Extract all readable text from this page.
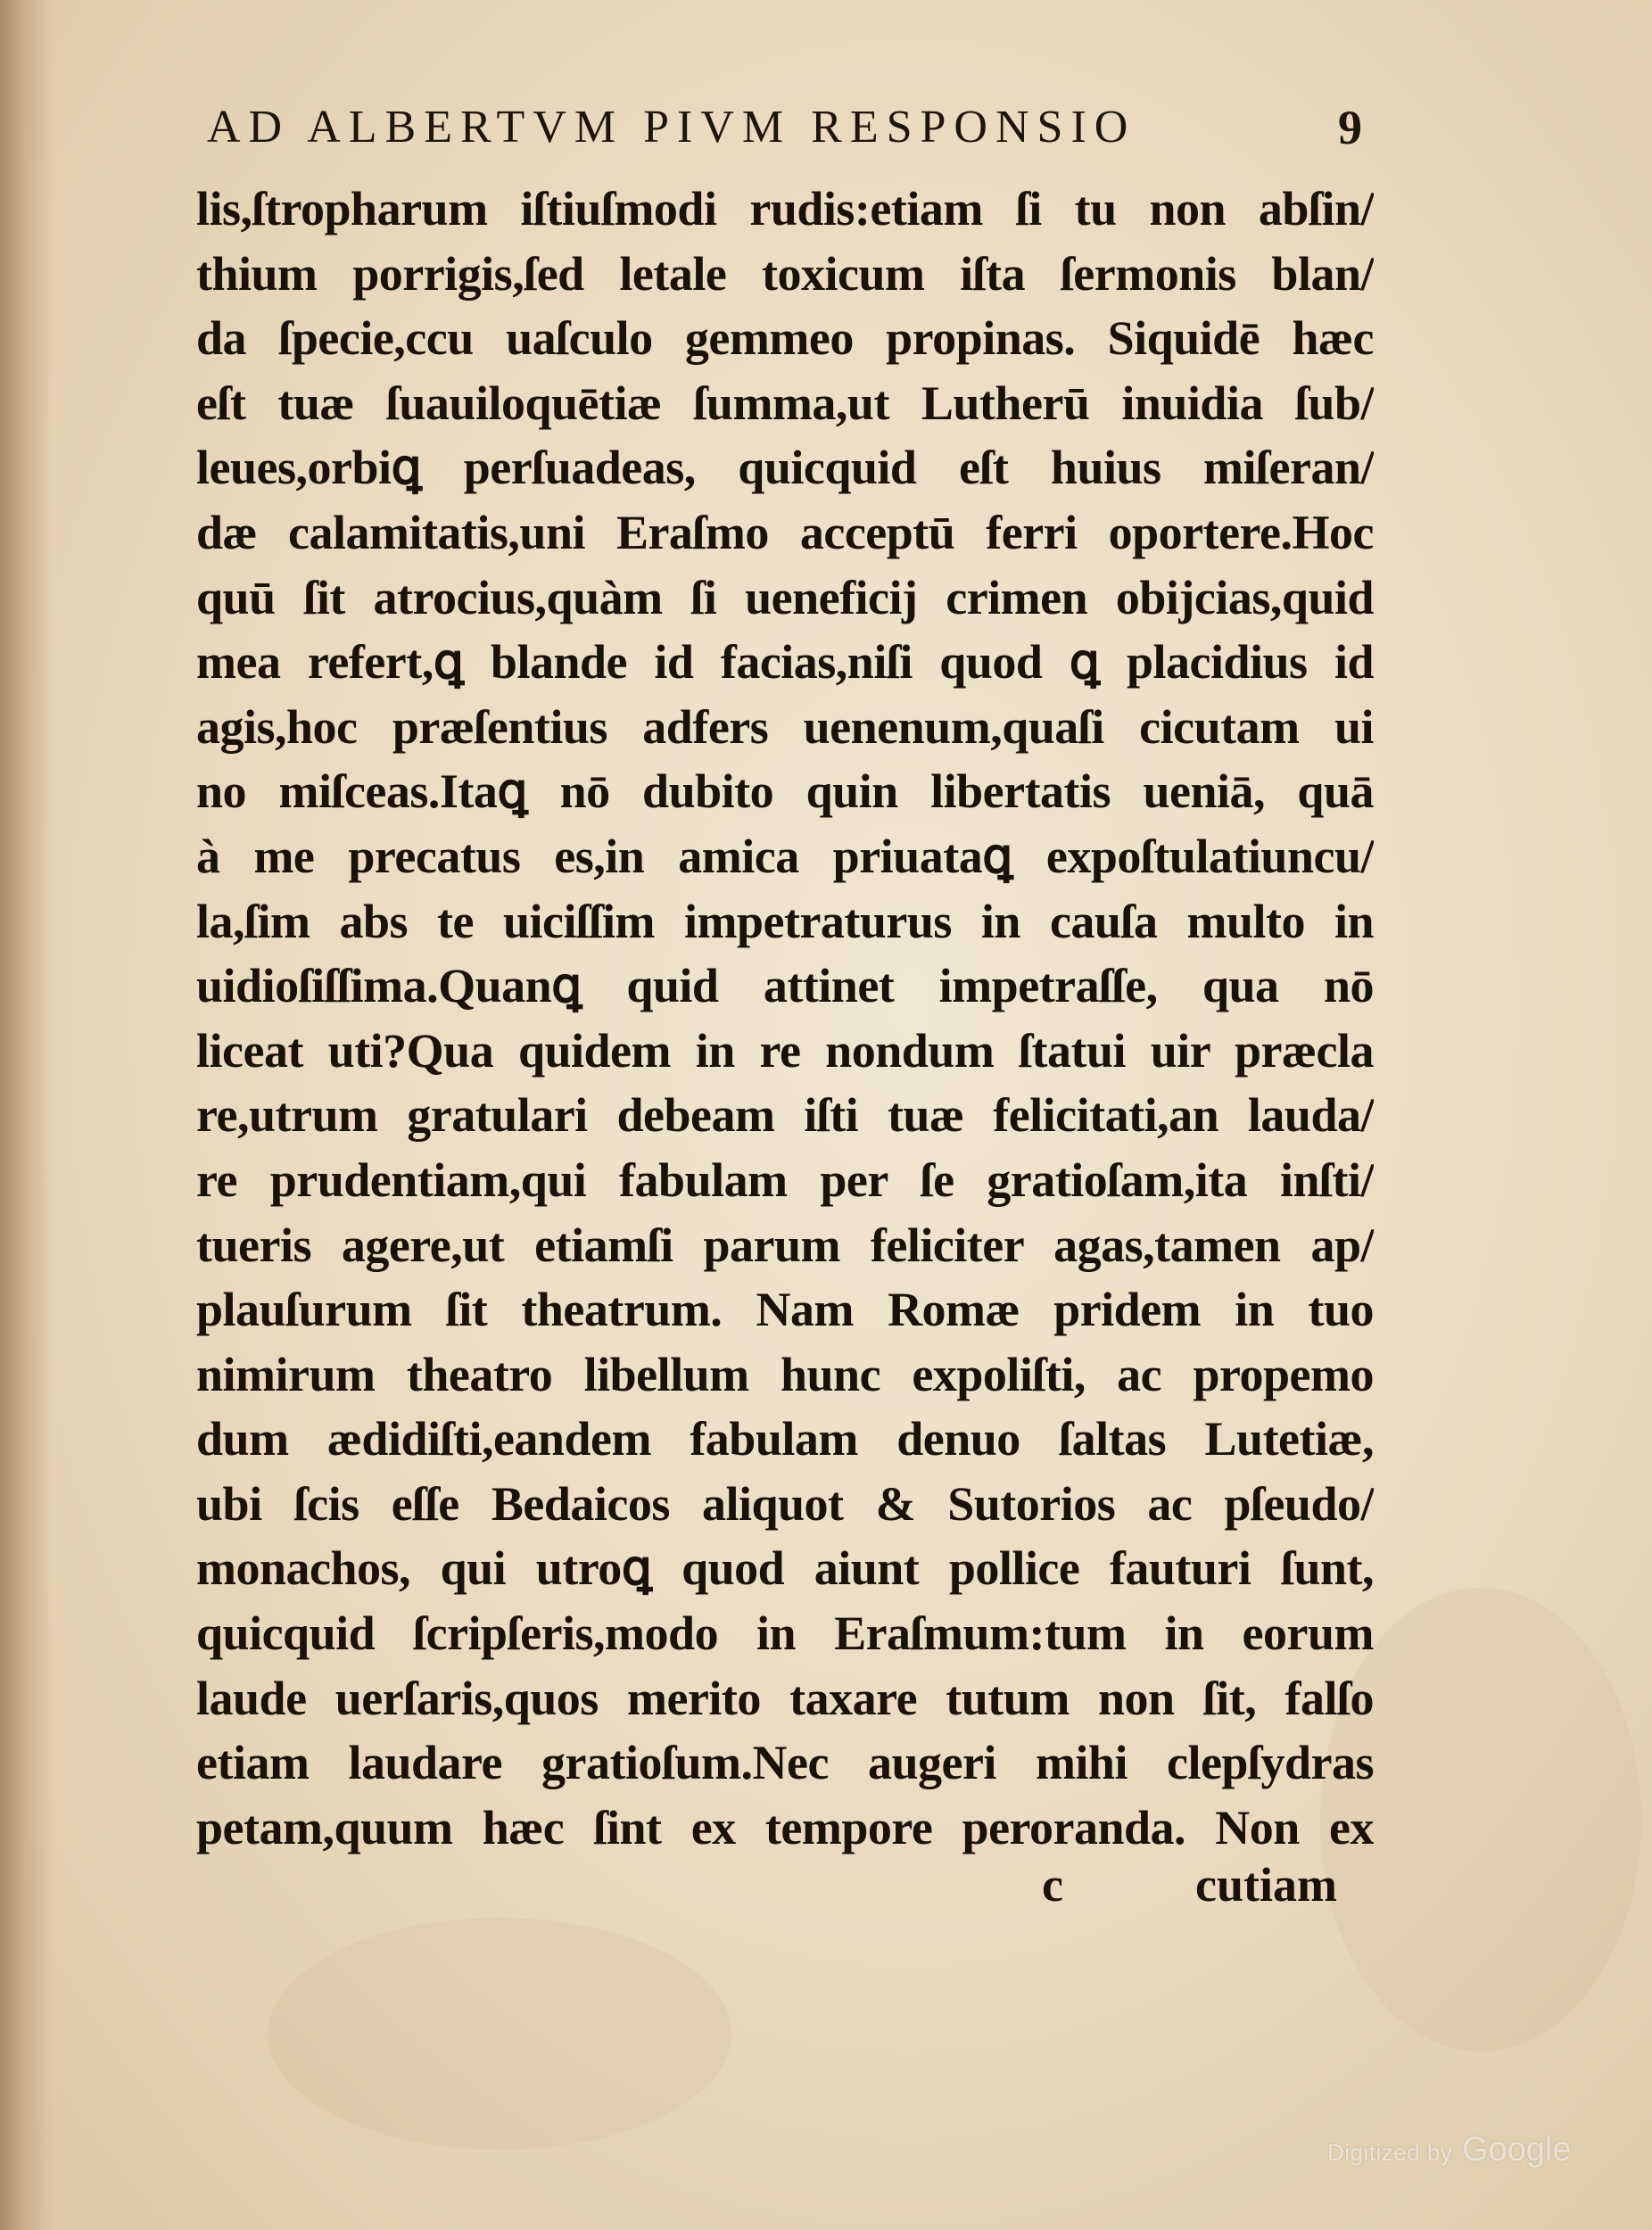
AD ALBERTVM PIVM RESPONSIO	9
lis,ſtropharum iſtiuſmodi rudis:etiam ſi tu non abſin/
thium porrigis,ſed letale toxicum iſta ſermonis blan/
da ſpecie,ccu uaſculo gemmeo propinas. Siquidē hæc
eſt tuæ ſuauiloquētiæ ſumma,ut Lutherū inuidia ſub/
leues,orbiꝗ perſuadeas, quicquid eſt huius miſeran/
dæ calamitatis,uni Eraſmo acceptū ferri oportere.Hoc
quū ſit atrocius,quàm ſi ueneficij crimen obijcias,quid
mea refert,ꝗ blande id facias,niſi quod ꝗ placidius id
agis,hoc præſentius adfers uenenum,quaſi cicutam ui
no miſceas.Itaꝗ nō dubito quin libertatis ueniā, quā
à me precatus es,in amica priuataꝗ expoſtulatiuncu/
la,ſim abs te uiciſſim impetraturus in cauſa multo in
uidioſiſſima.Quanꝗ quid attinet impetraſſe, qua nō
liceat uti?Qua quidem in re nondum ſtatui uir præcla
re,utrum gratulari debeam iſti tuæ felicitati,an lauda/
re prudentiam,qui fabulam per ſe gratioſam,ita inſti/
tueris agere,ut etiamſi parum feliciter agas,tamen ap/
plauſurum ſit theatrum. Nam Romæ pridem in tuo
nimirum theatro libellum hunc expoliſti, ac propemo
dum ædidiſti,eandem fabulam denuo ſaltas Lutetiæ,
ubi ſcis eſſe Bedaicos aliquot & Sutorios ac pſeudo/
monachos, qui utroꝗ quod aiunt pollice fauturi ſunt,
quicquid ſcripſeris,modo in Eraſmum:tum in eorum
laude uerſaris,quos merito taxare tutum non ſit, falſo
etiam laudare gratioſum.Nec augeri mihi clepſydras
petam,quum hæc ſint ex tempore peroranda. Non ex
c	cutiam
Digitized by Google
